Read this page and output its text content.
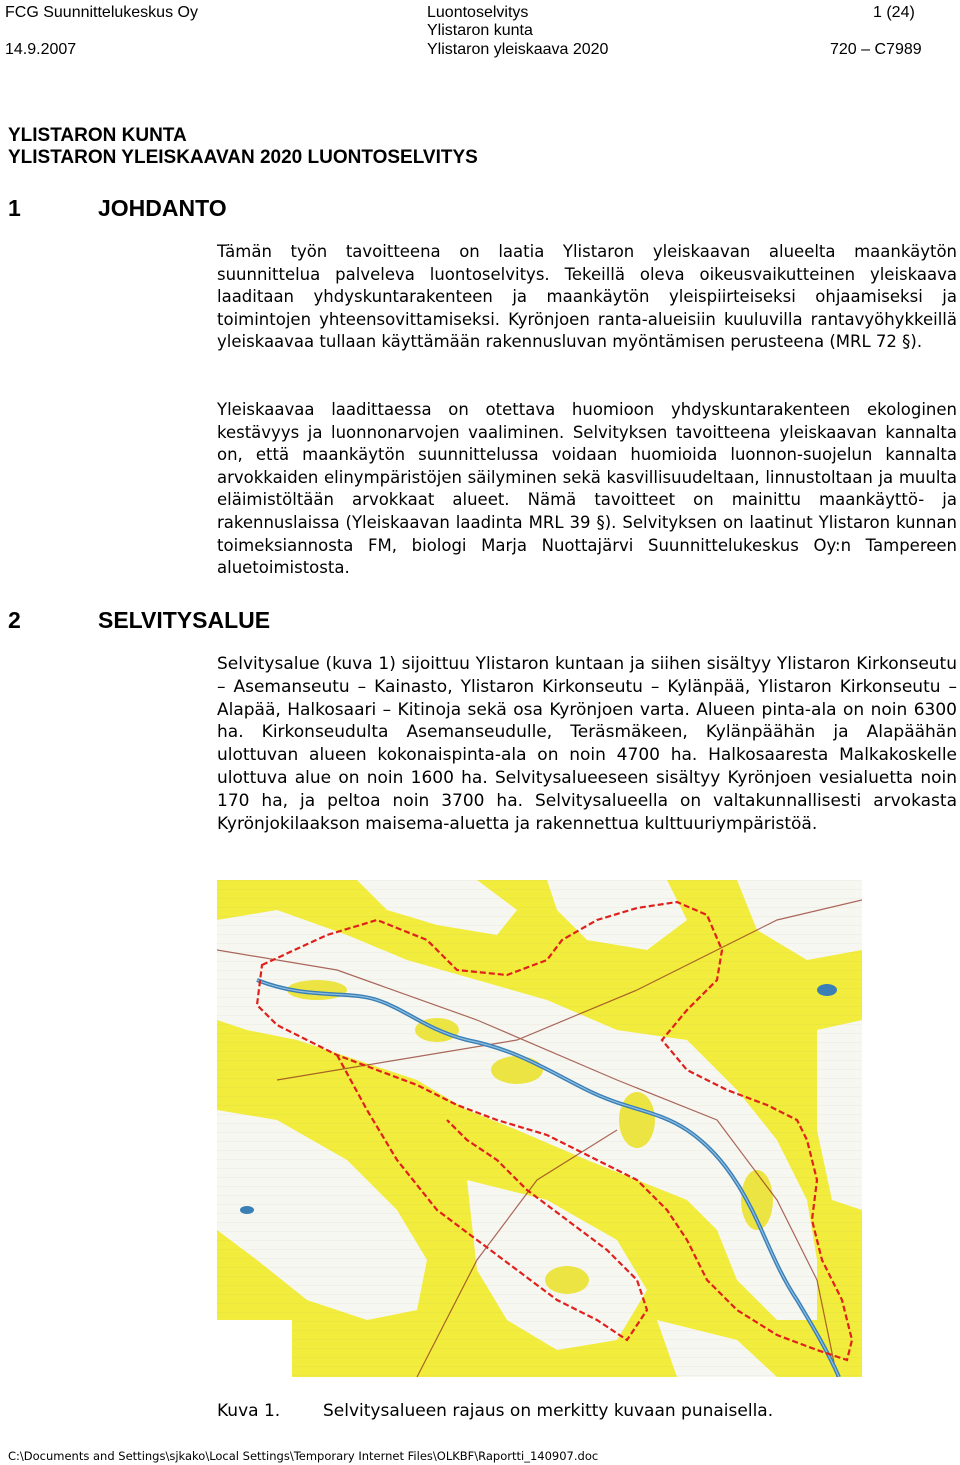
FCG Suunnittelukeskus Oy
14.9.2007
Luontoselvitys
Ylistaron kunta
Ylistaron yleiskaava 2020
1 (24)
720 – C7989
YLISTARON KUNTA
YLISTARON YLEISKAAVAN 2020 LUONTOSELVITYS
1	JOHDANTO
Tämän työn tavoitteena on laatia Ylistaron yleiskaavan alueelta maankäytön suunnittelua palveleva luontoselvitys. Tekeillä oleva oikeusvaikutteinen yleiskaava laaditaan yhdyskuntarakenteen ja maankäytön yleispiirteiseksi ohjaamiseksi ja toimintojen yhteensovittamiseksi. Kyrönjoen ranta-alueisiin kuuluvilla rantavyöhykkeillä yleiskaavaa tullaan käyttämään rakennusluvan myöntämisen perusteena (MRL 72 §).
Yleiskaavaa laadittaessa on otettava huomioon yhdyskuntarakenteen ekologinen kestävyys ja luonnonarvojen vaaliminen. Selvityksen tavoitteena yleiskaavan kannalta on, että maankäytön suunnittelussa voidaan huomioida luonnon-suojelun kannalta arvokkaiden elinympäristöjen säilyminen sekä kasvillisuudeltaan, linnustoltaan ja muulta eläimistöltään arvokkaat alueet. Nämä tavoitteet on mainittu maankäyttö- ja rakennuslaissa (Yleiskaavan laadinta MRL 39 §). Selvityksen on laatinut Ylistaron kunnan toimeksiannosta FM, biologi Marja Nuottajärvi Suunnittelukeskus Oy:n Tampereen aluetoimistosta.
2	SELVITYSALUE
Selvitysalue (kuva 1) sijoittuu Ylistaron kuntaan ja siihen sisältyy Ylistaron Kirkonseutu – Asemanseutu – Kainasto, Ylistaron Kirkonseutu – Kylänpää, Ylistaron Kirkonseutu – Alapää, Halkosaari – Kitinoja sekä osa Kyrönjoen varta. Alueen pinta-ala on noin 6300 ha. Kirkonseudulta Asemanseudulle, Teräsmäkeen, Kylänpäähän ja Alapäähän ulottuvan alueen kokonaispinta-ala on noin 4700 ha. Halkosaaresta Malkakoskelle ulottuva alue on noin 1600 ha. Selvitysalueeseen sisältyy Kyrönjoen vesialuetta noin 170 ha, ja peltoa noin 3700 ha. Selvitysalueella on valtakunnallisesti arvokasta Kyrönjokilaakson maisema-aluetta ja rakennettua kulttuuriympäristöä.
Kuva 1.	Selvitysalueen rajaus on merkitty kuvaan punaisella.
C:\Documents and Settings\sjkako\Local Settings\Temporary Internet Files\OLKBF\Raportti_140907.doc
